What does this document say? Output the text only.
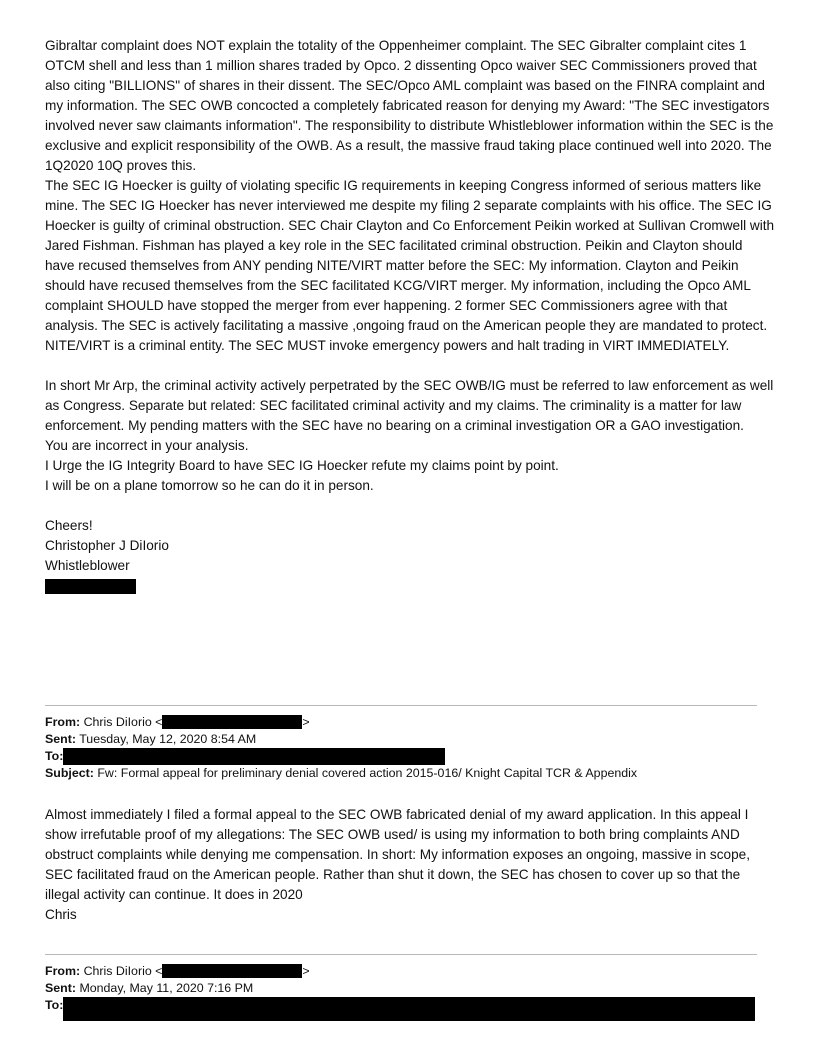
Gibraltar complaint does NOT explain the totality of the Oppenheimer complaint. The SEC Gibralter complaint cites 1 OTCM shell and less than 1 million shares traded by Opco. 2 dissenting Opco waiver SEC Commissioners proved that also citing "BILLIONS" of shares in their dissent. The SEC/Opco AML complaint was based on the FINRA complaint and my information. The SEC OWB concocted a completely fabricated reason for denying my Award: "The SEC investigators involved never saw claimants information". The responsibility to distribute Whistleblower information within the SEC is the exclusive and explicit responsibility of the OWB. As a result, the massive fraud taking place continued well into 2020. The 1Q2020 10Q proves this.

The SEC IG Hoecker is guilty of violating specific IG requirements in keeping Congress informed of serious matters like mine. The SEC IG Hoecker has never interviewed me despite my filing 2 separate complaints with his office. The SEC IG Hoecker is guilty of criminal obstruction. SEC Chair Clayton and Co Enforcement Peikin worked at Sullivan Cromwell with Jared Fishman. Fishman has played a key role in the SEC facilitated criminal obstruction. Peikin and Clayton should have recused themselves from ANY pending NITE/VIRT matter before the SEC: My information. Clayton and Peikin should have recused themselves from the SEC facilitated KCG/VIRT merger. My information, including the Opco AML complaint SHOULD have stopped the merger from ever happening. 2 former SEC Commissioners agree with that analysis. The SEC is actively facilitating a massive ,ongoing fraud on the American people they are mandated to protect. NITE/VIRT is a criminal entity. The SEC MUST invoke emergency powers and halt trading in VIRT IMMEDIATELY.

In short Mr Arp, the criminal activity actively perpetrated by the SEC OWB/IG must be referred to law enforcement as well as Congress. Separate but related: SEC facilitated criminal activity and my claims. The criminality is a matter for law enforcement. My pending matters with the SEC have no bearing on a criminal investigation OR a GAO investigation.

You are incorrect in your analysis.

I Urge the IG Integrity Board to have SEC IG Hoecker refute my claims point by point.

I will be on a plane tomorrow so he can do it in person.

Cheers!

Christopher J DiIorio

Whistleblower

From: Chris DiIorio <	>
Sent: Tuesday, May 12, 2020 8:54 AM
To:
Subject: Fw: Formal appeal for preliminary denial covered action 2015-016/ Knight Capital TCR & Appendix

Almost immediately I filed a formal appeal to the SEC OWB fabricated denial of my award application. In this appeal I show irrefutable proof of my allegations: The SEC OWB used/ is using my information to both bring complaints AND obstruct complaints while denying me compensation. In short: My information exposes an ongoing, massive in scope, SEC facilitated fraud on the American people. Rather than shut it down, the SEC has chosen to cover up so that the illegal activity can continue. It does in 2020

Chris

From: Chris DiIorio <	>
Sent: Monday, May 11, 2020 7:16 PM
To:
